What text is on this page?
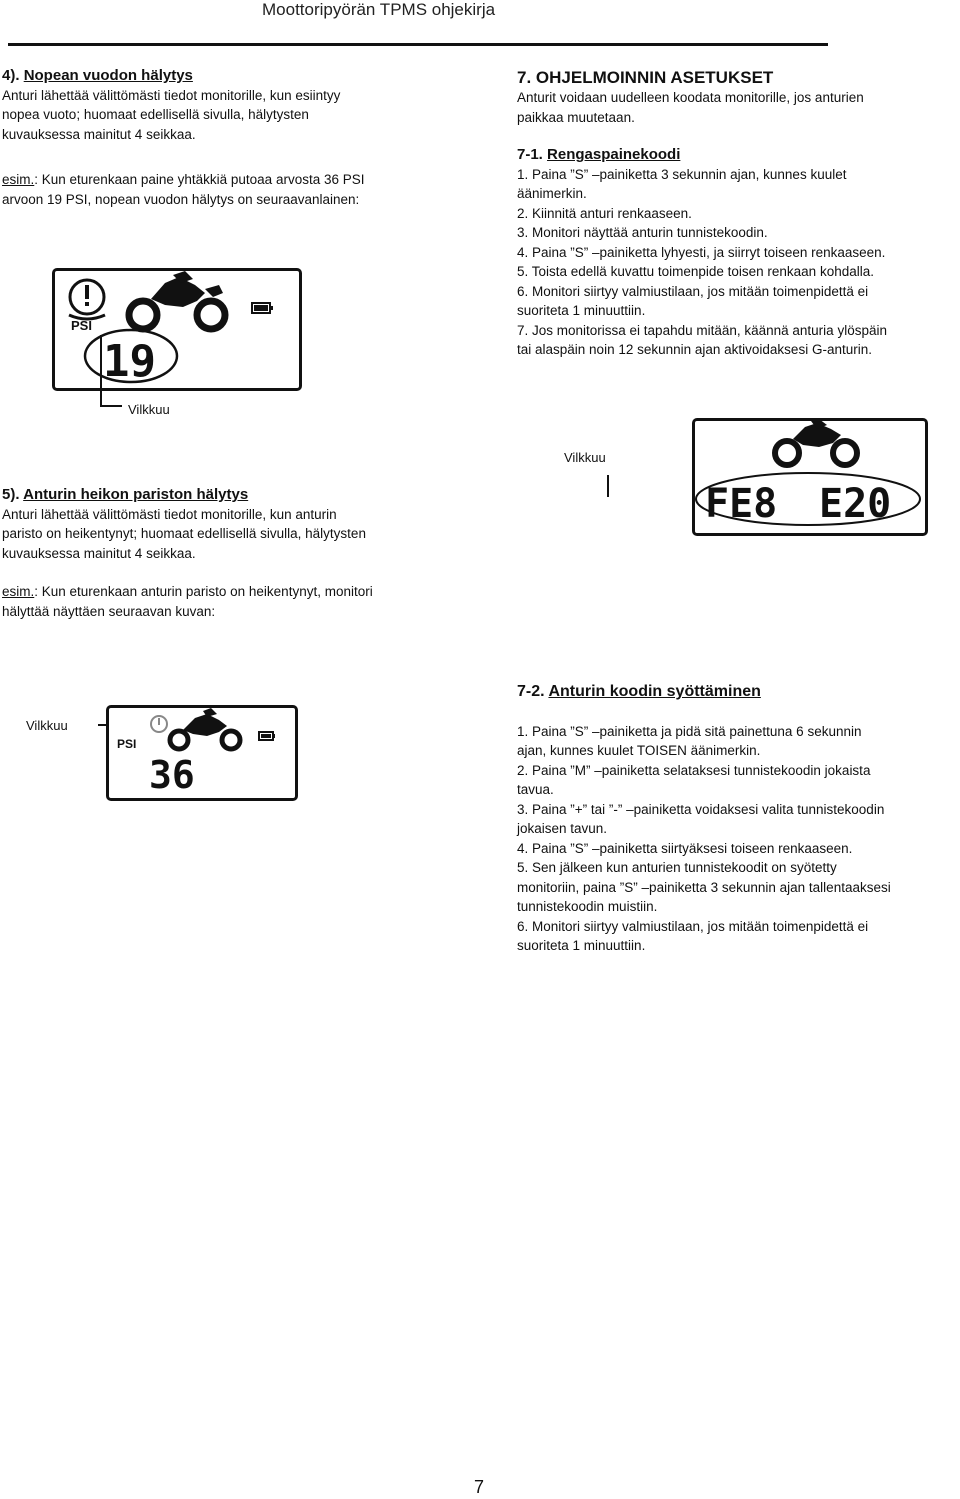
Moottoripyörän TPMS ohjekirja
4). Nopean vuodon hälytys
Anturi lähettää välittömästi tiedot monitorille, kun esiintyy
nopea vuoto; huomaat edellisellä sivulla, hälytysten
kuvauksessa mainitut 4 seikkaa.
esim.: Kun eturenkaan paine yhtäkkiä putoaa arvosta 36 PSI
arvoon 19 PSI, nopean vuodon hälytys on seuraavanlainen:
PSI
19
Vilkkuu
5). Anturin heikon pariston hälytys
Anturi lähettää välittömästi tiedot monitorille, kun anturin
paristo on heikentynyt; huomaat edellisellä sivulla, hälytysten
kuvauksessa mainitut 4 seikkaa.
esim.: Kun eturenkaan anturin paristo on heikentynyt, monitori
hälyttää näyttäen seuraavan kuvan:
Vilkkuu
PSI
36
7. OHJELMOINNIN ASETUKSET
Anturit voidaan uudelleen koodata monitorille, jos anturien
paikkaa muutetaan.
7-1. Rengaspainekoodi
1. Paina ”S” –painiketta 3 sekunnin ajan, kunnes kuulet
äänimerkin.
2. Kiinnitä anturi renkaaseen.
3. Monitori näyttää anturin tunnistekoodin.
4. Paina ”S” –painiketta lyhyesti, ja siirryt toiseen renkaaseen.
5. Toista edellä kuvattu toimenpide toisen renkaan kohdalla.
6. Monitori siirtyy valmiustilaan, jos mitään toimenpidettä ei
suoriteta 1 minuuttiin.
7. Jos monitorissa ei tapahdu mitään, käännä anturia ylöspäin
tai alaspäin noin 12 sekunnin ajan aktivoidaksesi G-anturin.
Vilkkuu
FE8 E20
7-2. Anturin koodin syöttäminen
1. Paina ”S” –painiketta ja pidä sitä painettuna 6 sekunnin
ajan, kunnes kuulet TOISEN äänimerkin.
2. Paina ”M” –painiketta selataksesi tunnistekoodin jokaista
tavua.
3. Paina ”+” tai ”-” –painiketta voidaksesi valita tunnistekoodin
jokaisen tavun.
4. Paina ”S” –painiketta siirtyäksesi toiseen renkaaseen.
5. Sen jälkeen kun anturien tunnistekoodit on syötetty
monitoriin, paina ”S” –painiketta 3 sekunnin ajan tallentaaksesi
tunnistekoodin muistiin.
6. Monitori siirtyy valmiustilaan, jos mitään toimenpidettä ei
suoriteta 1 minuuttiin.
7
